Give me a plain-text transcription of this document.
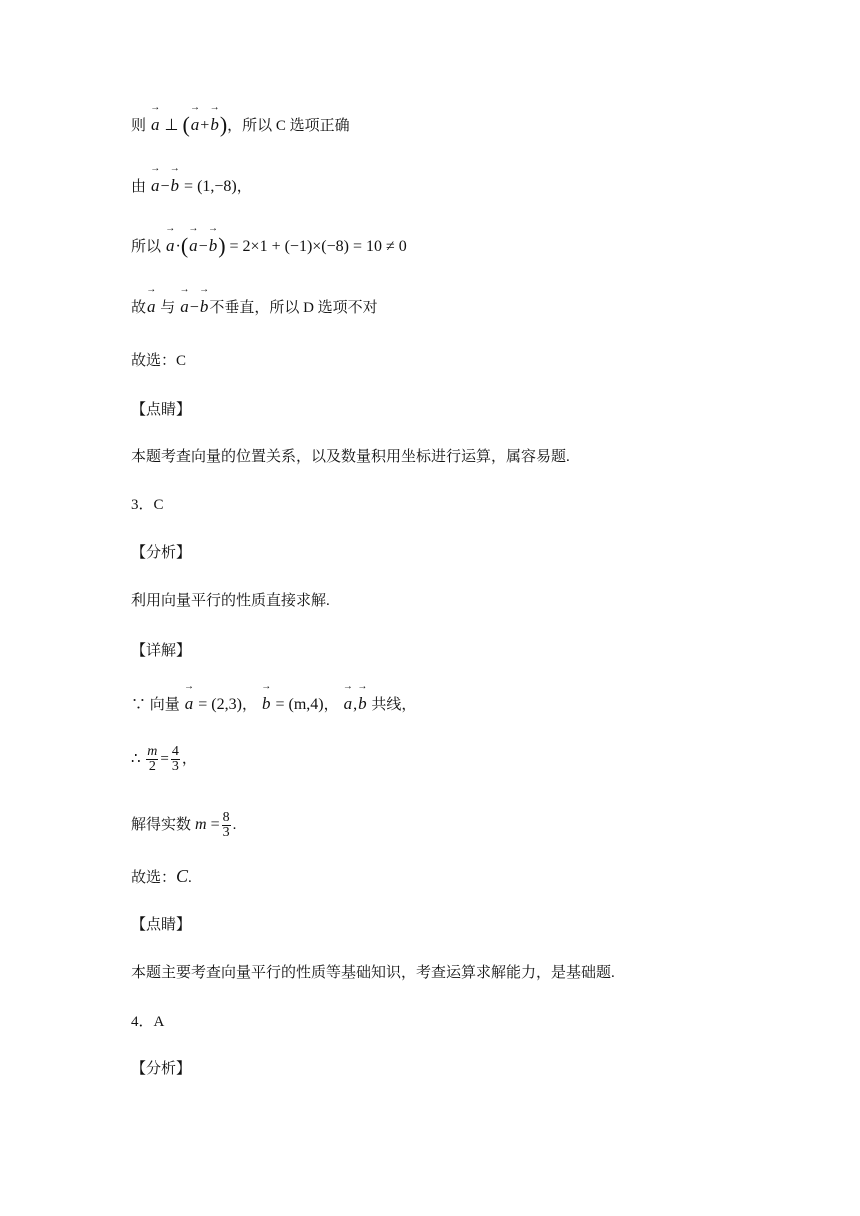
则 → a ⊥ (→ a+→ b)，所以 C 选项正确
由 → a−→ b = (1,−8)，
所以 → a·(→ a−→ b) = 2×1 + (−1)×(−8) = 10 ≠ 0
故→ a 与 → a−→ b不垂直，所以 D 选项不对
故选：C
【点睛】
本题考查向量的位置关系，以及数量积用坐标进行运算，属容易题.
3．C
【分析】
利用向量平行的性质直接求解.
【详解】
∵ 向量 → a = (2,3)， → b = (m,4)， → a,→ b 共线，
∴ $\frac{m}{2} = \frac{4}{3}$ ，
解得实数 $m = \frac{8}{3}$ .
故选：C.
【点睛】
本题主要考查向量平行的性质等基础知识，考查运算求解能力，是基础题.
4．A
【分析】
